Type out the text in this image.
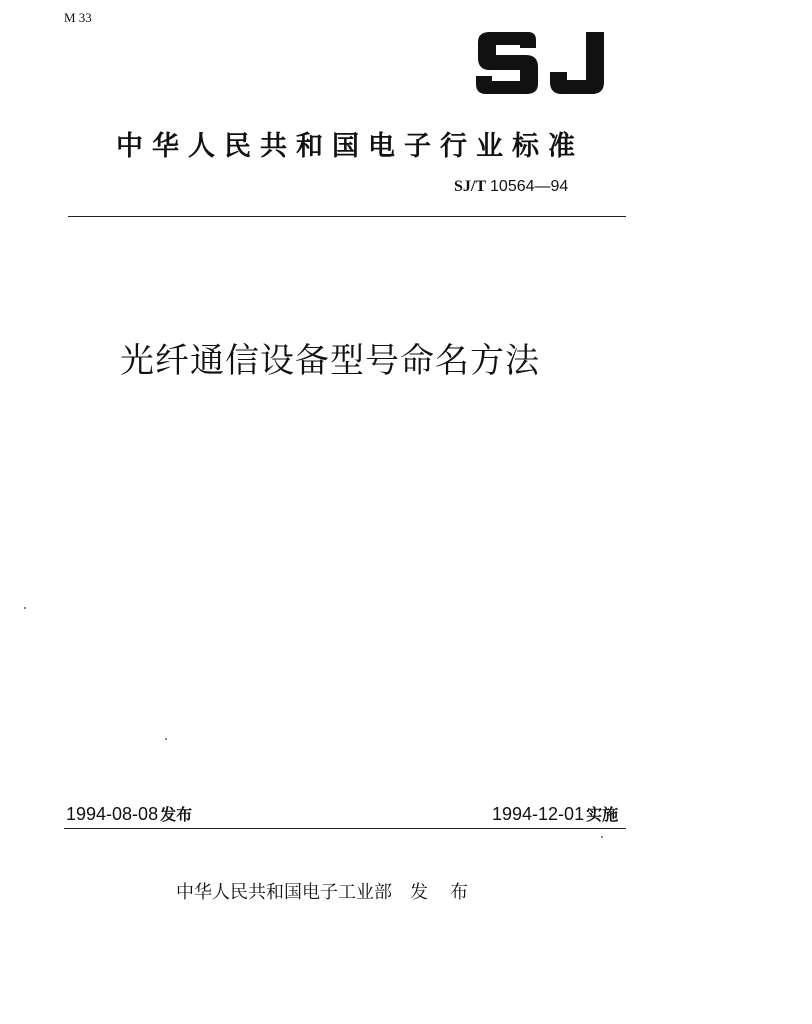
M 33
中华人民共和国电子行业标准
SJ/T 10564—94
光纤通信设备型号命名方法
1994-08-08 发布	1994-12-01 实施
中华人民共和国电子工业部 发布
